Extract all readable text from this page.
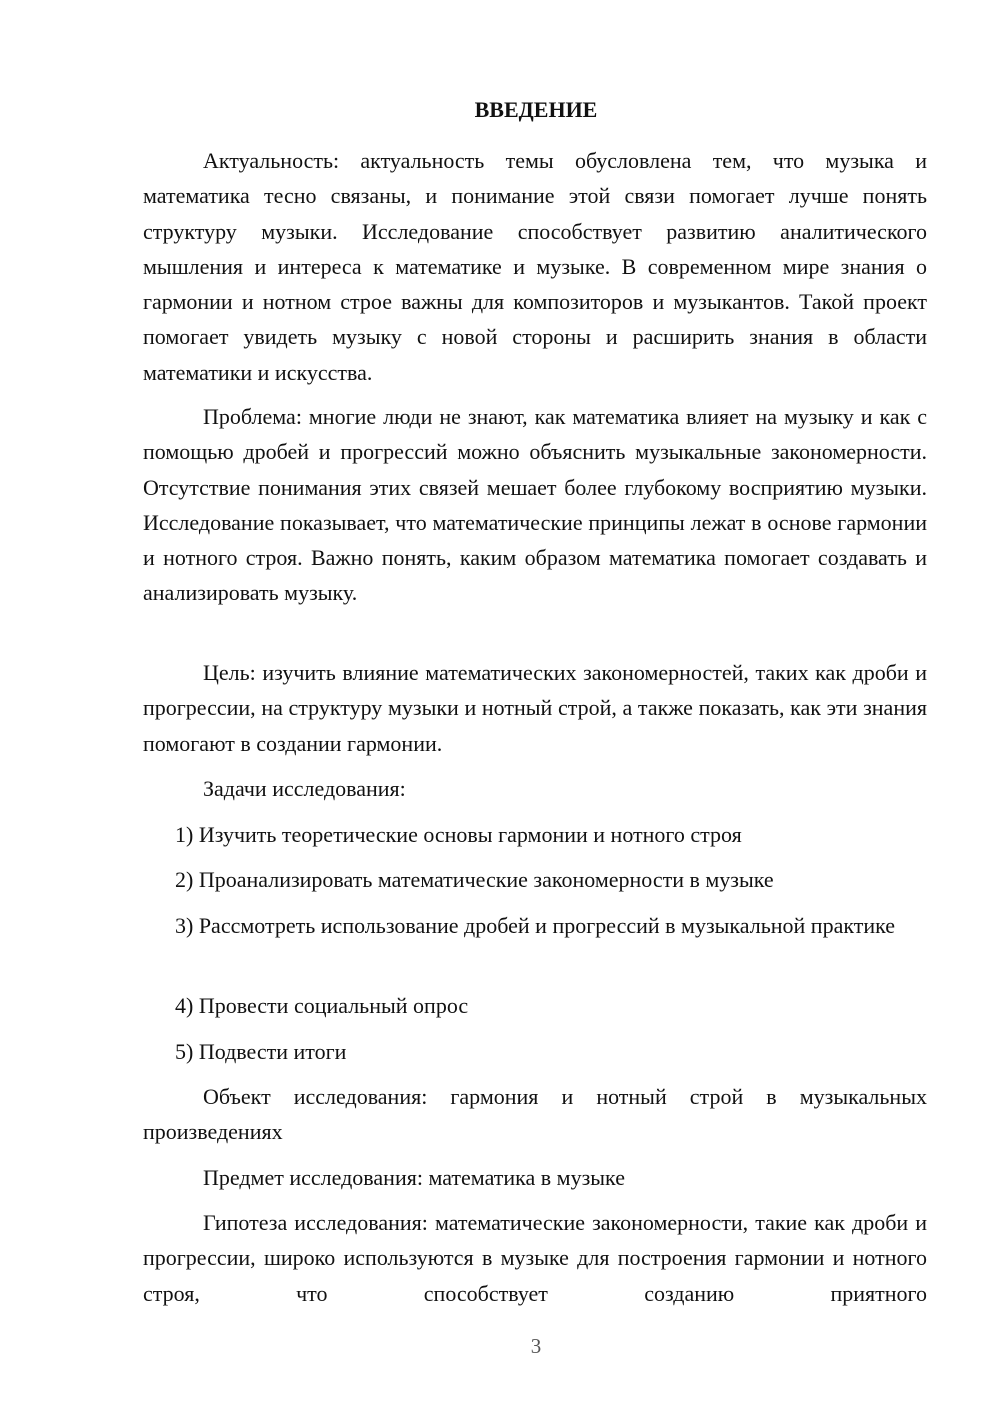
ВВЕДЕНИЕ

Актуальность: актуальность темы обусловлена тем, что музыка и математика тесно связаны, и понимание этой связи помогает лучше понять структуру музыки. Исследование способствует развитию аналитического мышления и интереса к математике и музыке. В современном мире знания о гармонии и нотном строе важны для композиторов и музыкантов. Такой проект помогает увидеть музыку с новой стороны и расширить знания в области математики и искусства.

Проблема: многие люди не знают, как математика влияет на музыку и как с помощью дробей и прогрессий можно объяснить музыкальные закономерности. Отсутствие понимания этих связей мешает более глубокому восприятию музыки. Исследование показывает, что математические принципы лежат в основе гармонии и нотного строя. Важно понять, каким образом математика помогает создавать и анализировать музыку.

Цель: изучить влияние математических закономерностей, таких как дроби и прогрессии, на структуру музыки и нотный строй, а также показать, как эти знания помогают в создании гармонии.

Задачи исследования:

1) Изучить теоретические основы гармонии и нотного строя

2) Проанализировать математические закономерности в музыке

3) Рассмотреть использование дробей и прогрессий в музыкальной практике

4) Провести социальный опрос

5) Подвести итоги

Объект исследования: гармония и нотный строй в музыкальных произведениях

Предмет исследования: математика в музыке

Гипотеза исследования: математические закономерности, такие как дроби и прогрессии, широко используются в музыке для построения гармонии и нотного строя, что способствует созданию приятного

3
